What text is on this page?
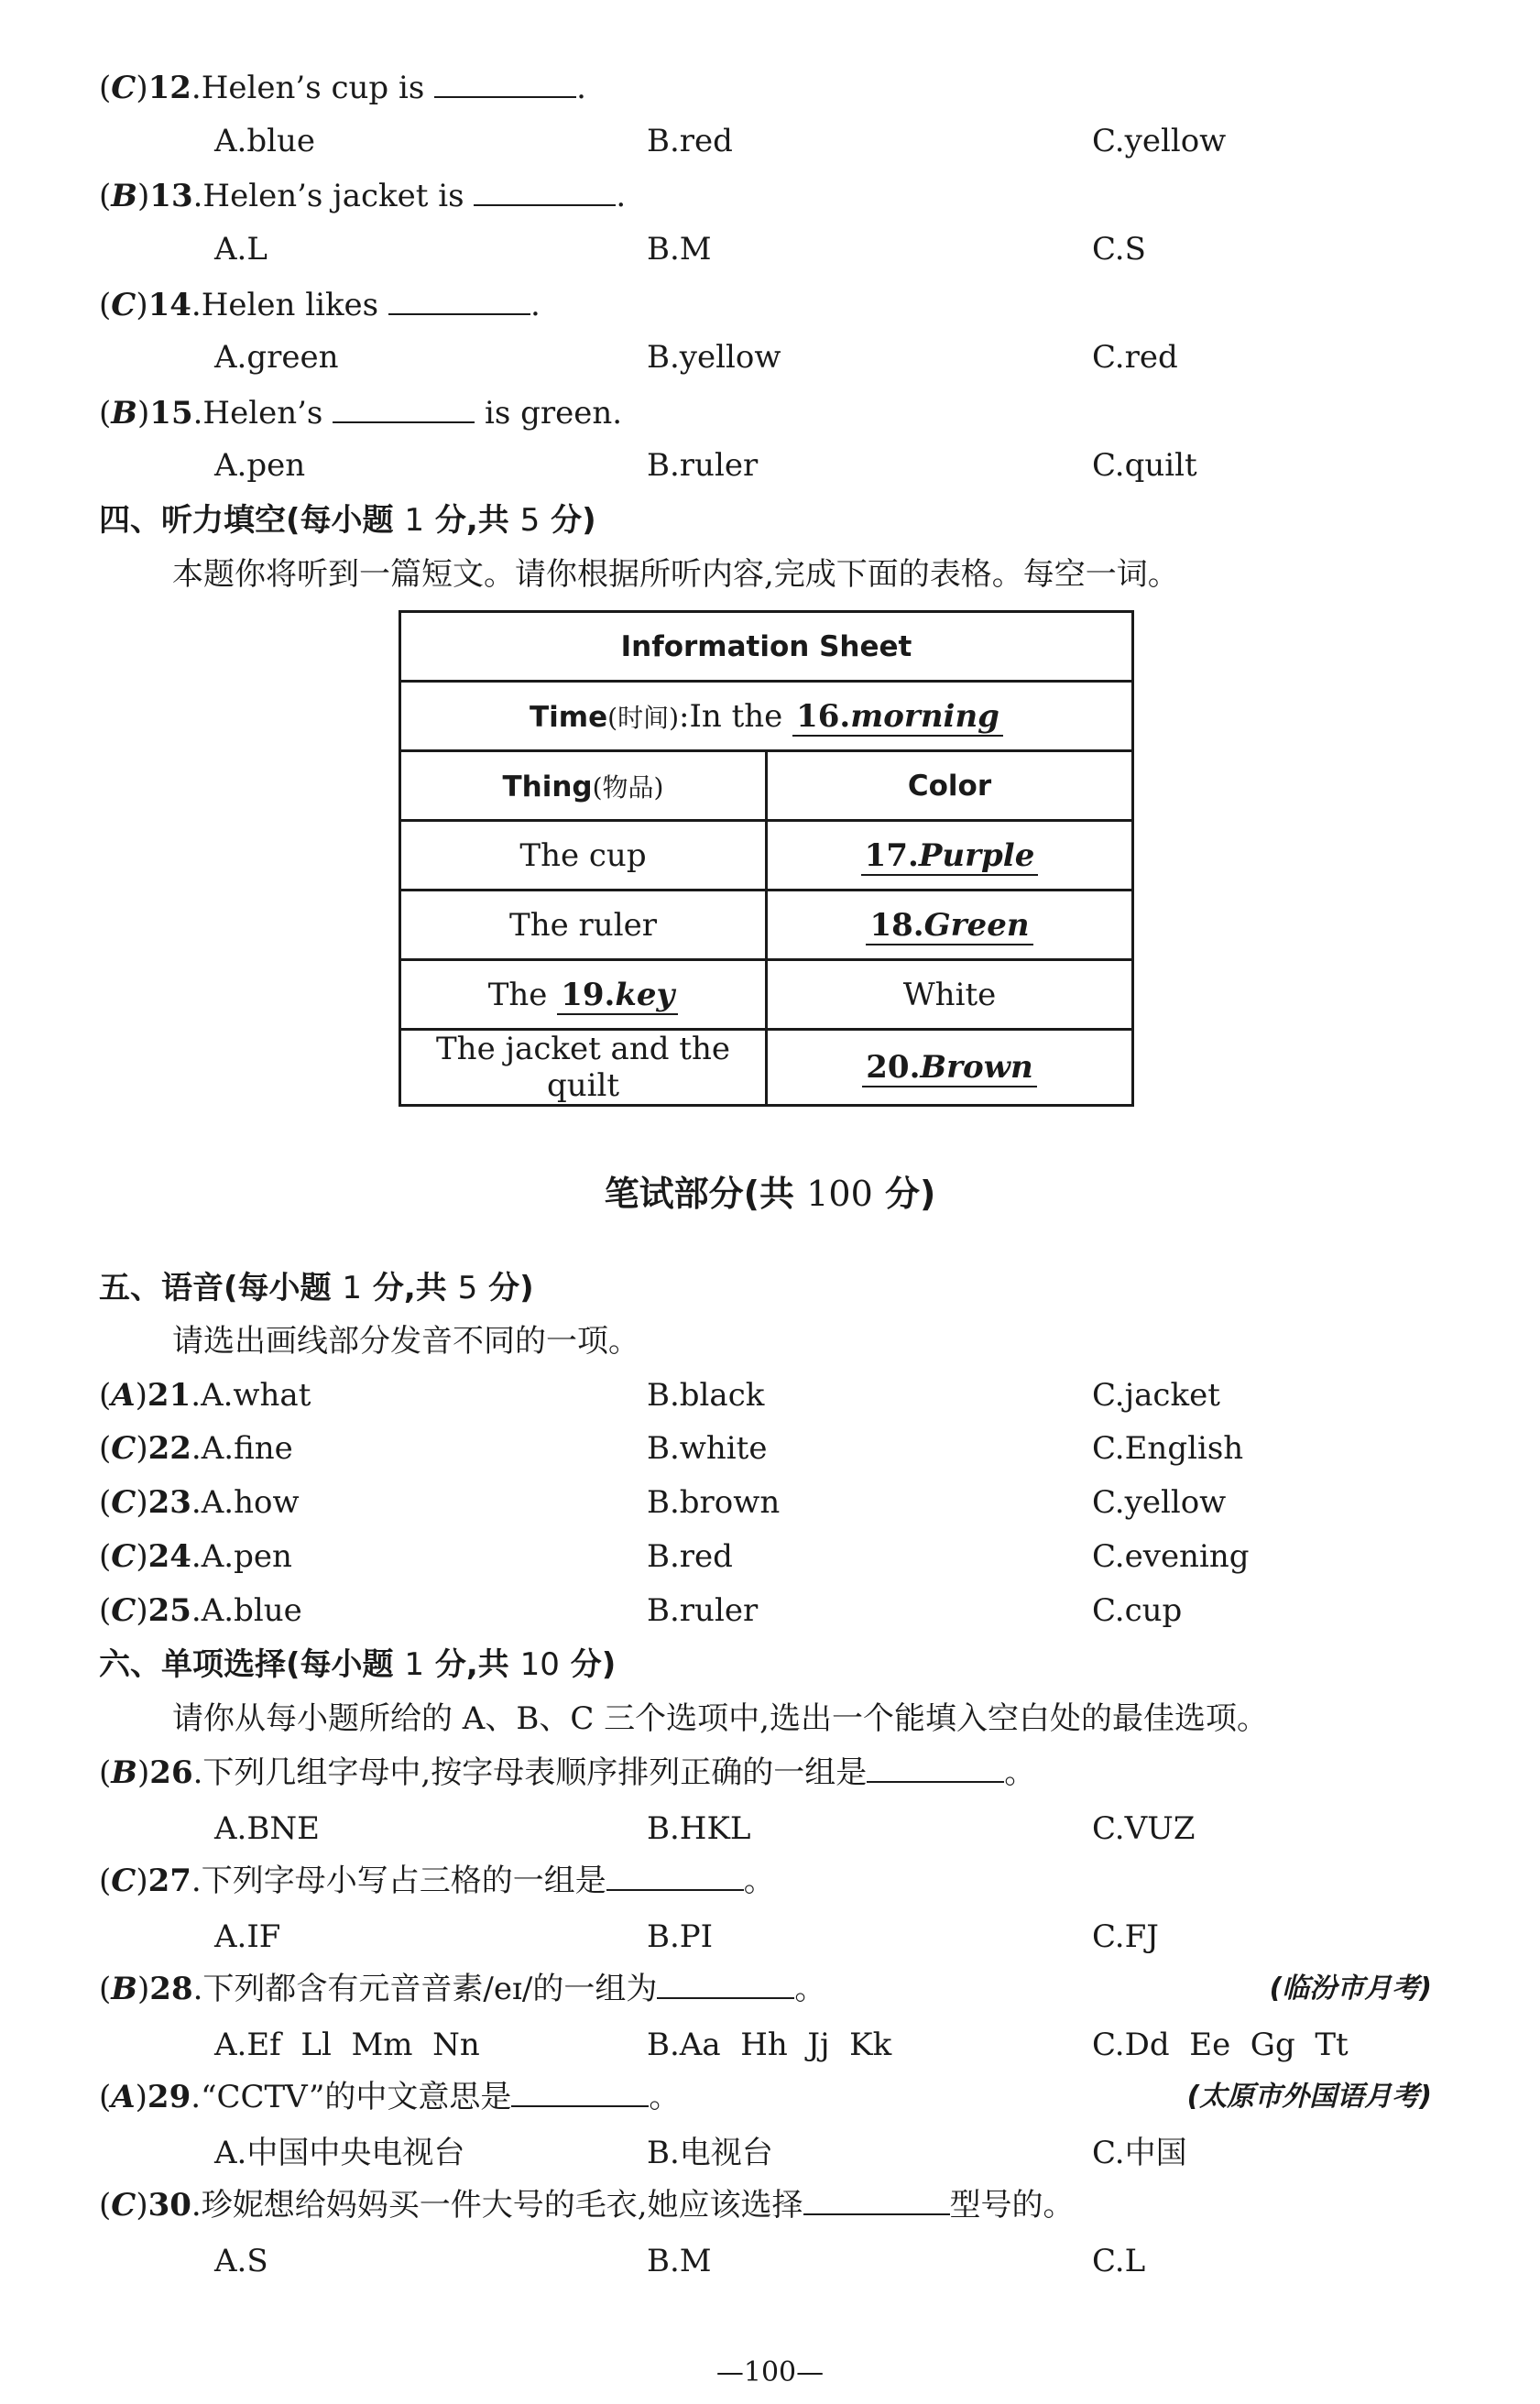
(C)12.Helen’s cup is	.
A.blue	B.red	C.yellow
(B)13.Helen’s jacket is	.
A.L	B.M	C.S
(C)14.Helen likes	.
A.green	B.yellow	C.red
(B)15.Helen’s	is green.
A.pen	B.ruler	C.quilt
四、听力填空(每小题 1 分,共 5 分)
本题你将听到一篇短文。请你根据所听内容,完成下面的表格。每空一词。
Information Sheet	
Time(时间):In the 16.morning	
Thing(物品)	Color
The cup	17.Purple
The ruler	18.Green
The 19.key	White
The jacket and the quilt	20.Brown
笔试部分(共 100 分)
五、语音(每小题 1 分,共 5 分)
请选出画线部分发音不同的一项。
(A)21.A.what	B.black	C.jacket
(C)22.A.fine	B.white	C.English
(C)23.A.how	B.brown	C.yellow
(C)24.A.pen	B.red	C.evening
(C)25.A.blue	B.ruler	C.cup
六、单项选择(每小题 1 分,共 10 分)
请你从每小题所给的 A、B、C 三个选项中,选出一个能填入空白处的最佳选项。
(B)26.下列几组字母中,按字母表顺序排列正确的一组是	。
A.BNE	B.HKL	C.VUZ
(C)27.下列字母小写占三格的一组是	。
A.IF	B.PI	C.FJ
(B)28.下列都含有元音音素/eɪ/的一组为	。	(临汾市月考)
A.Ef  Ll  Mm  Nn	B.Aa  Hh  Jj  Kk	C.Dd  Ee  Gg  Tt
(A)29.“CCTV”的中文意思是	。	(太原市外国语月考)
A.中国中央电视台	B.电视台	C.中国
(C)30.珍妮想给妈妈买一件大号的毛衣,她应该选择	型号的。
A.S	B.M	C.L
—100—
